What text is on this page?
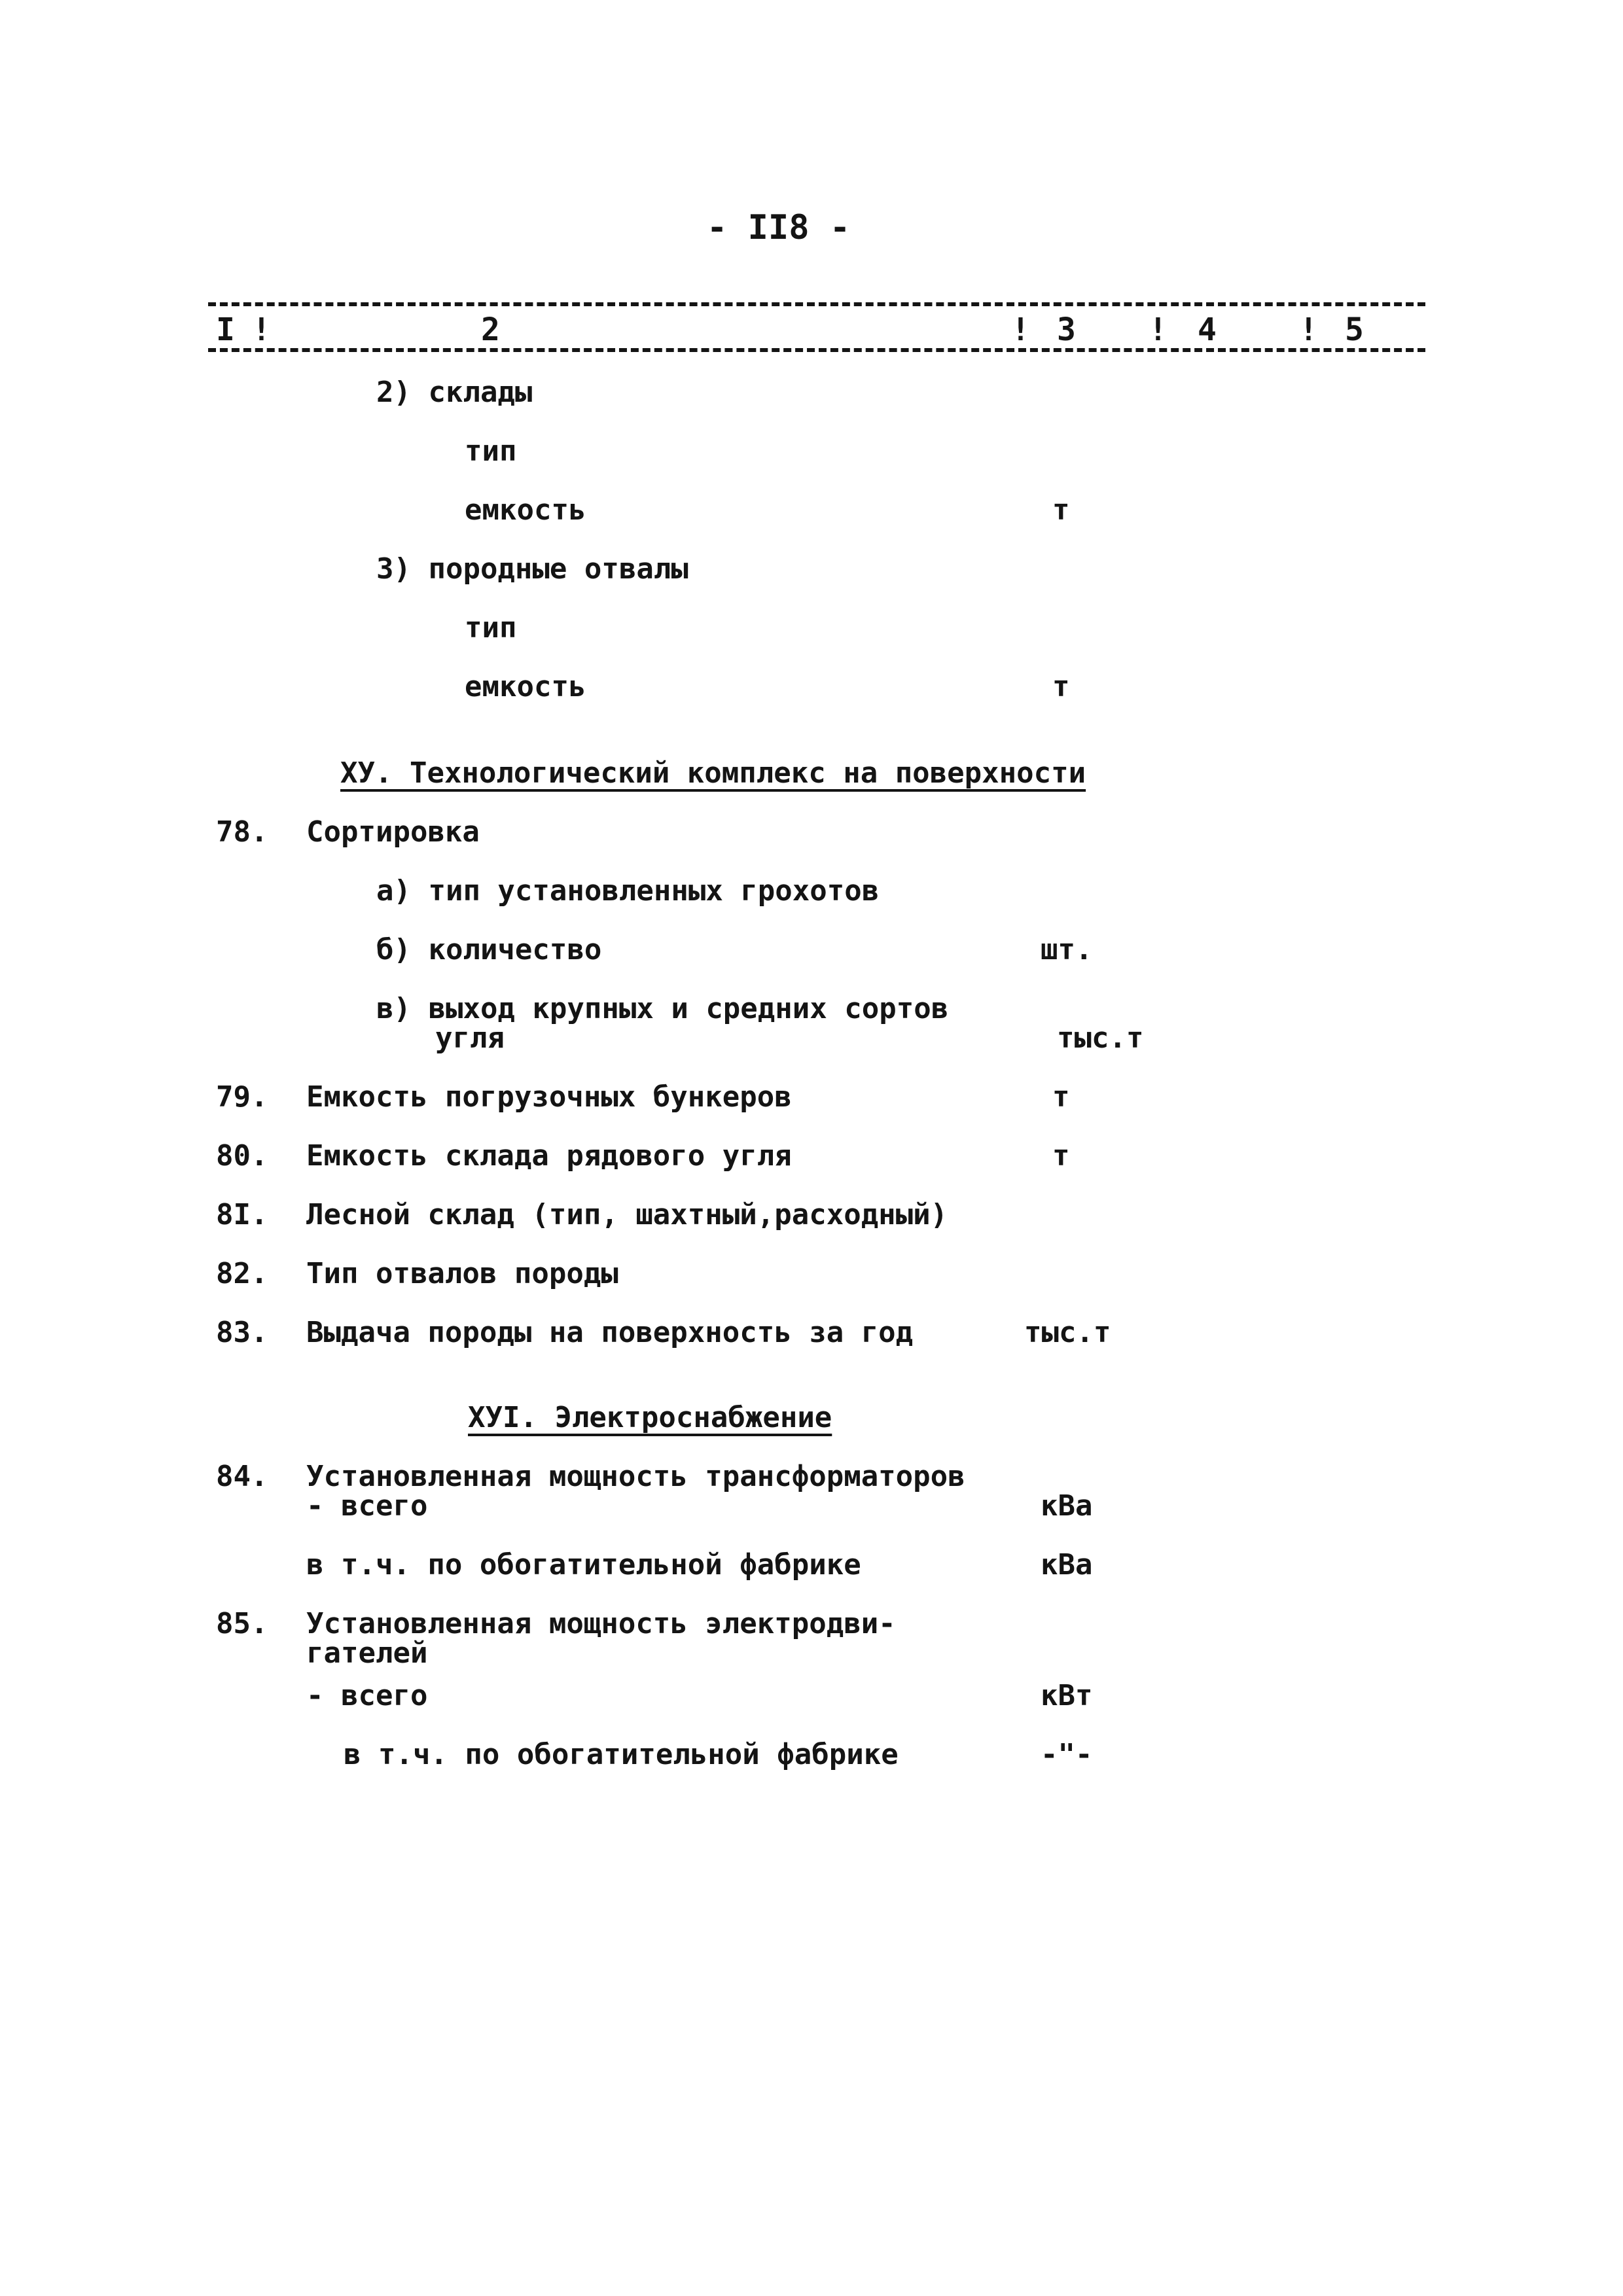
- II8 -
I !	2	! 3 ! 4	! 5
2) склады
тип
емкость	т
3) породные отвалы
тип
емкость	т
ХУ. Технологический комплекс на поверхности
78. Сортировка
а) тип установленных грохотов
б) количество	шт.
в) выход крупных и средних сортов
угля	тыс.т
79. Емкость погрузочных бункеров	т
80. Емкость склада рядового угля	т
8I. Лесной склад (тип, шахтный,расходный)
82. Тип отвалов породы
83. Выдача породы на поверхность за год	тыс.т
ХУI. Электроснабжение
84. Установленная мощность трансформаторов
- всего	кВа
в т.ч. по обогатительной фабрике	кВа
85. Установленная мощность электродви-
гателей
- всего	кВт
в т.ч. по обогатительной фабрике	-"-
